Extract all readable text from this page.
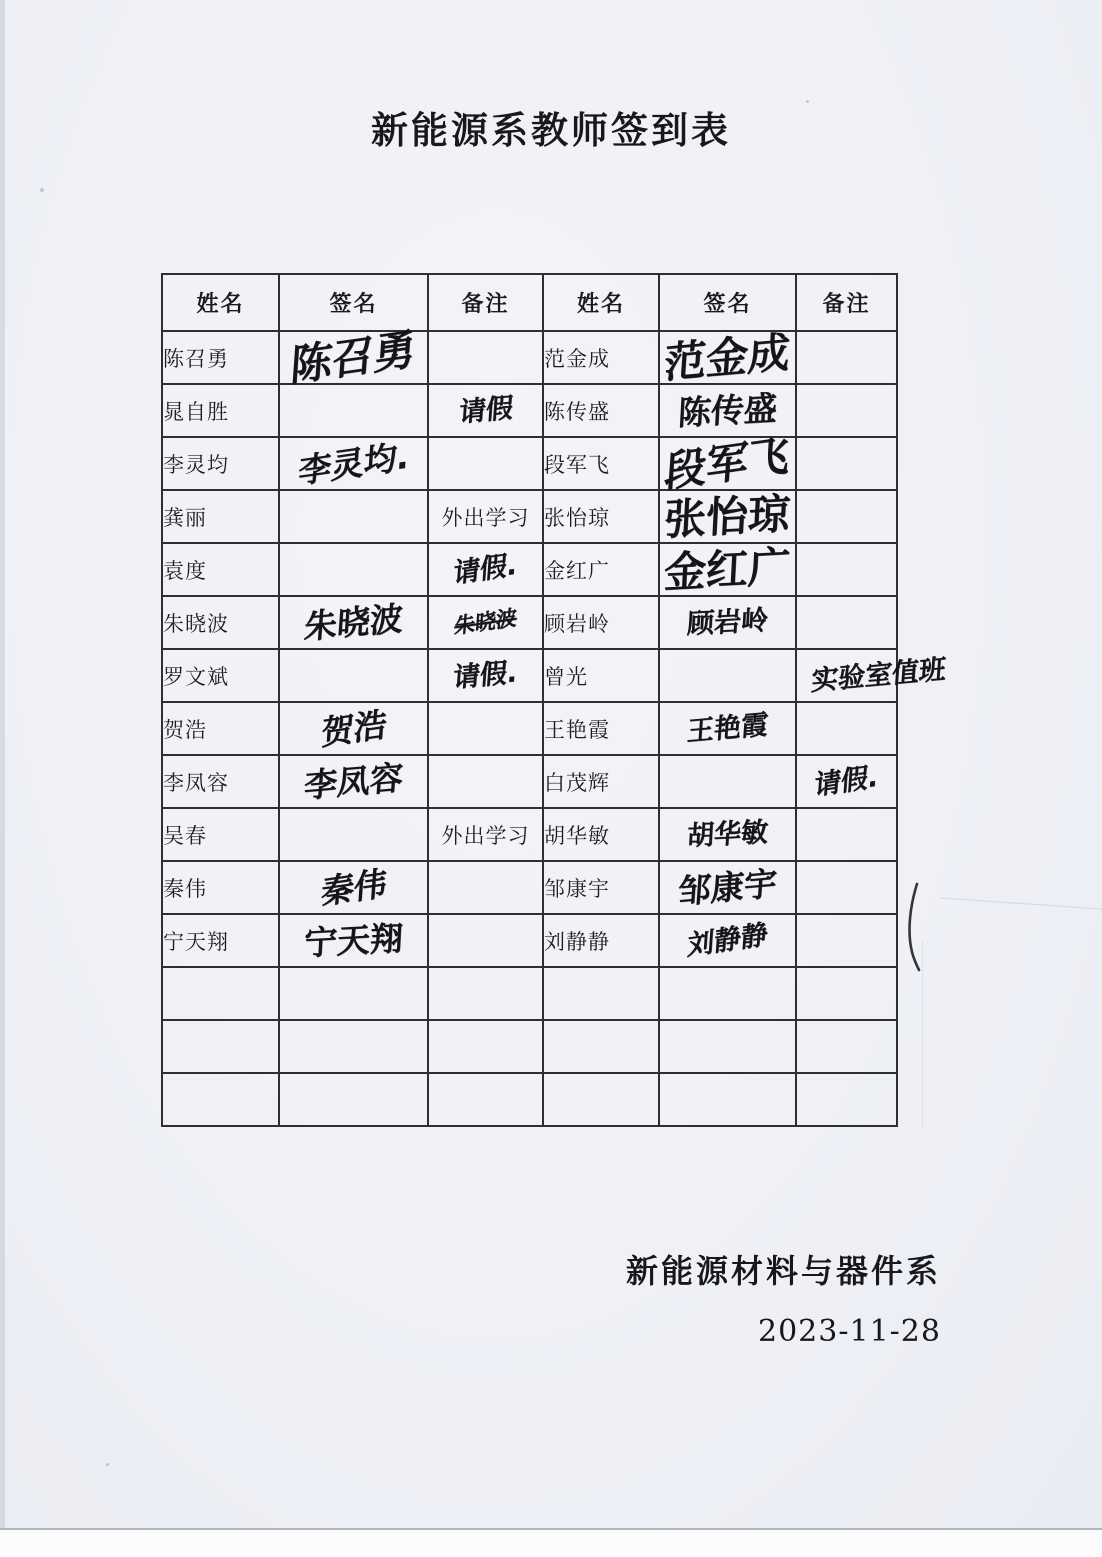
新能源系教师签到表
姓名	签名	备注	姓名	签名	备注
陈召勇	陈召勇		范金成	范金成	
晁自胜		请假	陈传盛	陈传盛	
李灵均	李灵均.		段军飞	段军飞	
龚丽		外出学习	张怡琼	张怡琼	
袁度		请假.	金红广	金红广	
朱晓波	朱晓波	朱晓波	顾岩岭	顾岩岭	
罗文斌		请假.	曾光		实验室值班
贺浩	贺浩		王艳霞	王艳霞	
李凤容	李凤容		白茂辉		请假.
吴春		外出学习	胡华敏	胡华敏	
秦伟	秦伟		邹康宇	邹康宇	
宁天翔	宁天翔		刘静静	刘静静	

新能源材料与器件系
2023-11-28
